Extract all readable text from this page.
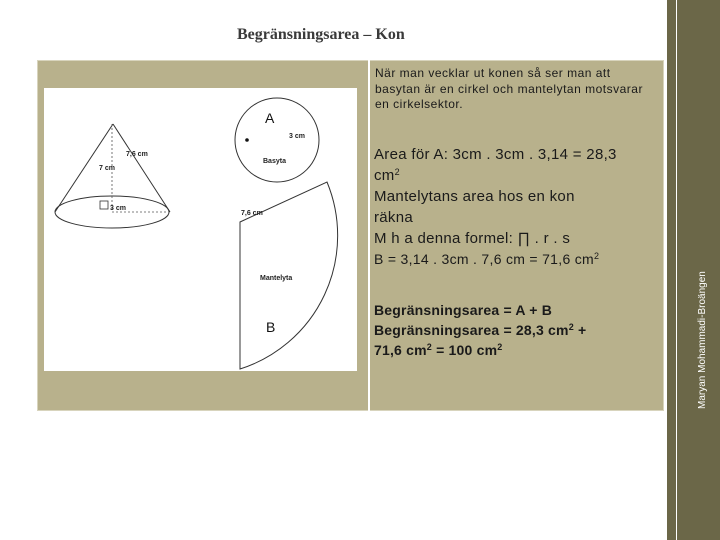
Begränsningsarea – Kon
Maryan Mohammadi-Broängen
7,6 cm
7 cm
3 cm
A
3 cm
Basyta
7,6 cm
Mantelyta
B
När man vecklar ut konen så ser man att basytan är en cirkel och mantelytan motsvarar en cirkelsektor.
Area för A: 3cm . 3cm . 3,14 = 28,3
$cm^2$
Mantelytans area hos en kon
räkna
M h a denna formel: ∏ . r . s
B = 3,14 . 3cm . 7,6 cm = 71,6 $cm^2$
Begränsningsarea = A + B
Begränsningsarea = 28,3 $cm^2$ +
71,6 $cm^2 = 100$ $cm^2$
